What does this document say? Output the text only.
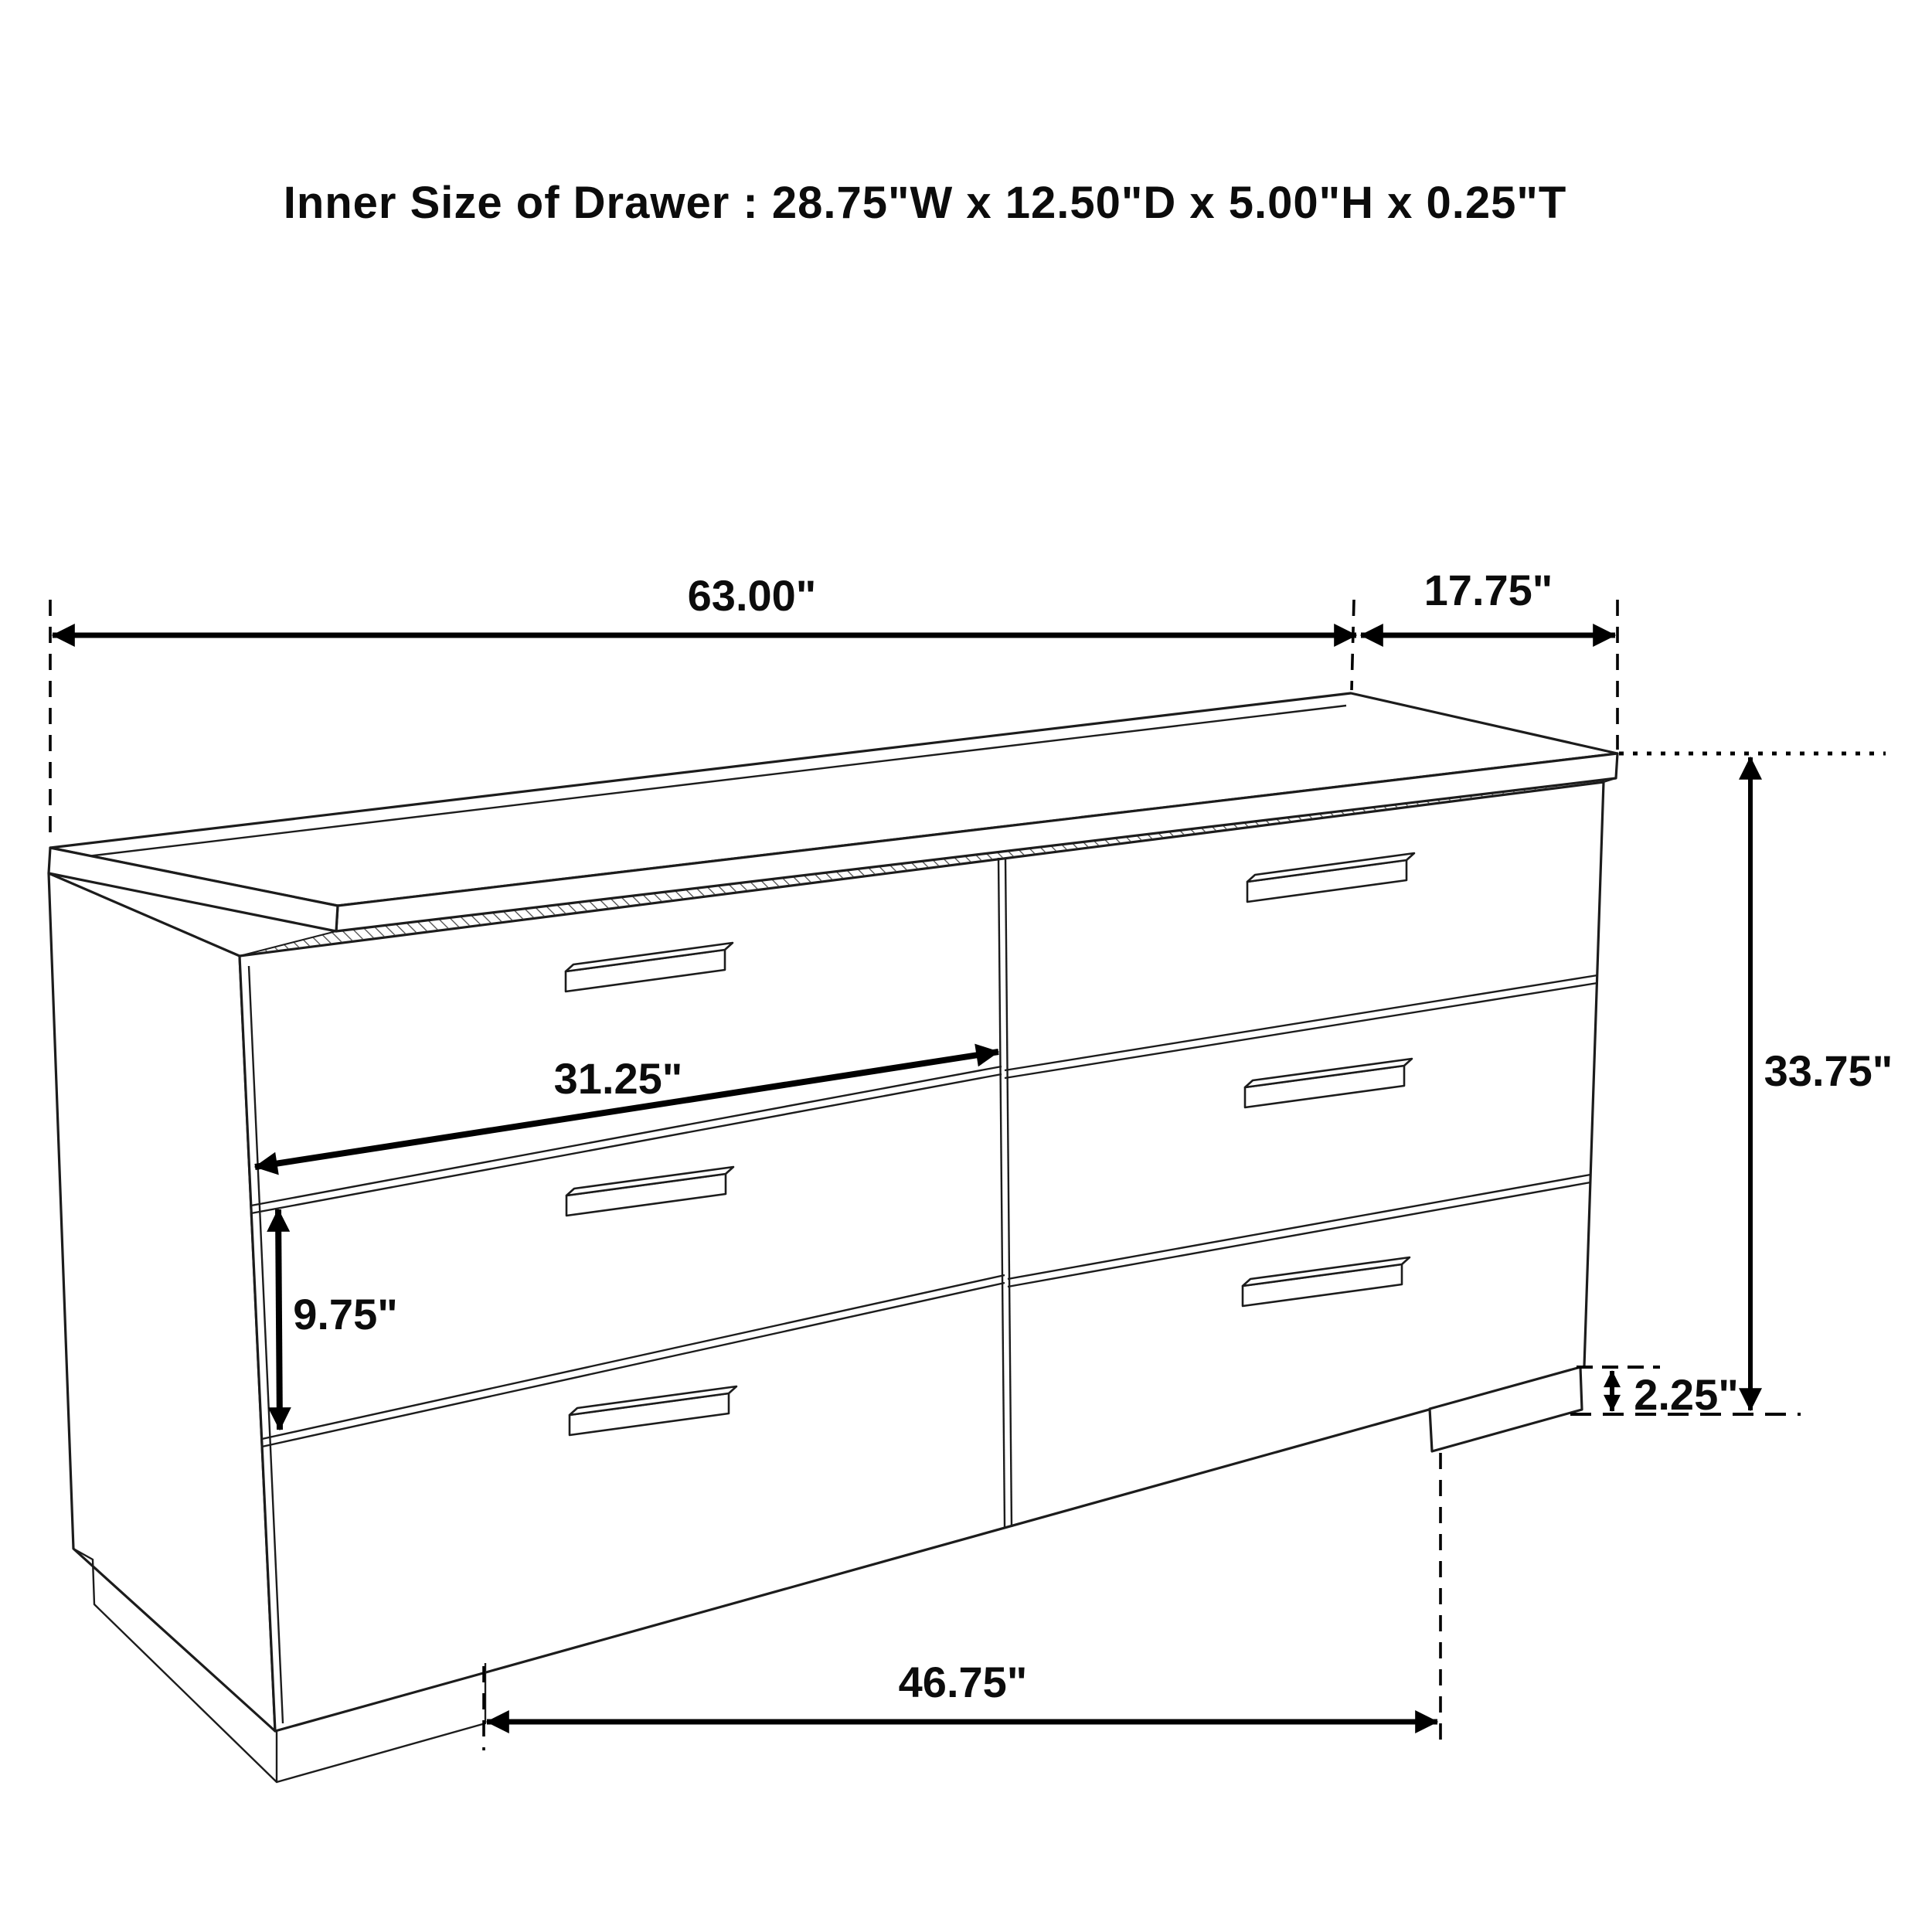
63.00"	17.75"
33.75"
31.25"
9.75"
2.25"
46.75"
Inner Size of Drawer : 28.75"W x 12.50"D x 5.00"H x 0.25"T
